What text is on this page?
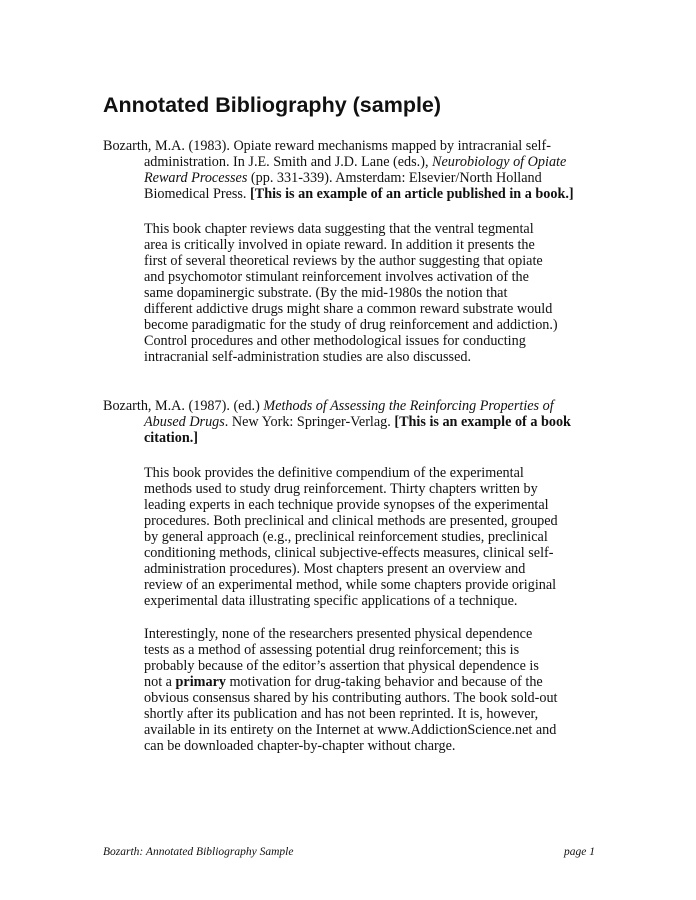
Annotated Bibliography (sample)

Bozarth, M.A. (1983). Opiate reward mechanisms mapped by intracranial self-administration. In J.E. Smith and J.D. Lane (eds.), Neurobiology of Opiate Reward Processes (pp. 331-339). Amsterdam: Elsevier/North Holland Biomedical Press. [This is an example of an article published in a book.]

This book chapter reviews data suggesting that the ventral tegmental area is critically involved in opiate reward. In addition it presents the first of several theoretical reviews by the author suggesting that opiate and psychomotor stimulant reinforcement involves activation of the same dopaminergic substrate. (By the mid-1980s the notion that different addictive drugs might share a common reward substrate would become paradigmatic for the study of drug reinforcement and addiction.) Control procedures and other methodological issues for conducting intracranial self-administration studies are also discussed.

Bozarth, M.A. (1987). (ed.) Methods of Assessing the Reinforcing Properties of Abused Drugs. New York: Springer-Verlag. [This is an example of a book citation.]

This book provides the definitive compendium of the experimental methods used to study drug reinforcement. Thirty chapters written by leading experts in each technique provide synopses of the experimental procedures. Both preclinical and clinical methods are presented, grouped by general approach (e.g., preclinical reinforcement studies, preclinical conditioning methods, clinical subjective-effects measures, clinical self-administration procedures). Most chapters present an overview and review of an experimental method, while some chapters provide original experimental data illustrating specific applications of a technique.

Interestingly, none of the researchers presented physical dependence tests as a method of assessing potential drug reinforcement; this is probably because of the editor’s assertion that physical dependence is not a primary motivation for drug-taking behavior and because of the obvious consensus shared by his contributing authors. The book sold-out shortly after its publication and has not been reprinted. It is, however, available in its entirety on the Internet at www.AddictionScience.net and can be downloaded chapter-by-chapter without charge.

Bozarth: Annotated Bibliography Sample	page 1
